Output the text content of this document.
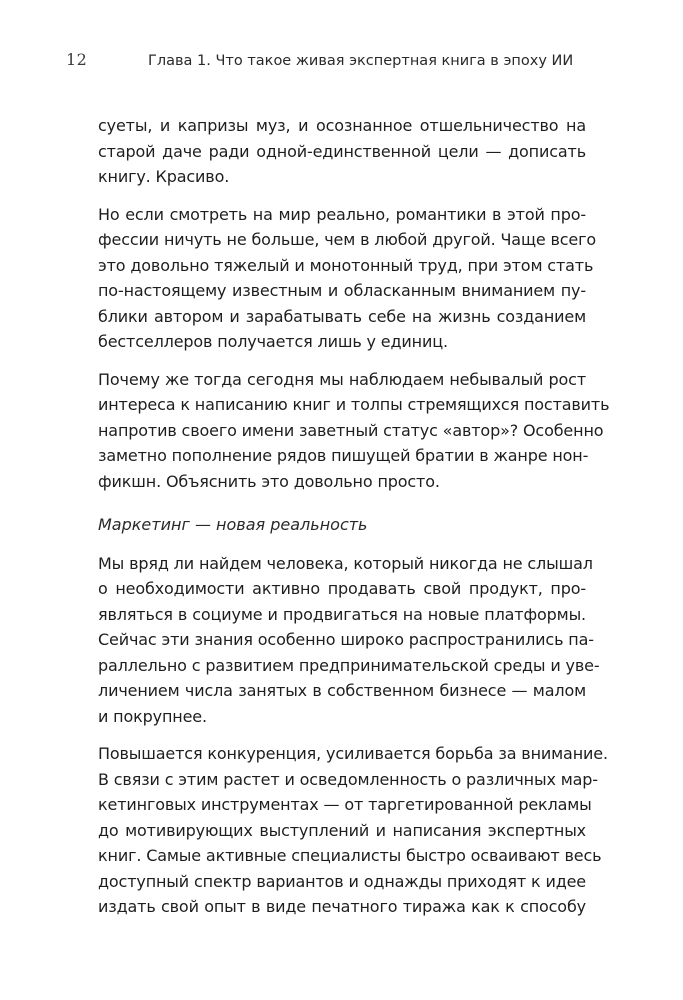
12	Глава 1. Что такое живая экспертная книга в эпоху ИИ
суеты, и капризы муз, и осознанное отшельничество на
старой даче ради одной-единственной цели — дописать
книгу. Красиво.
Но если смотреть на мир реально, романтики в этой про-
фессии ничуть не больше, чем в любой другой. Чаще всего
это довольно тяжелый и монотонный труд, при этом стать
по-настоящему известным и обласканным вниманием пу-
блики автором и зарабатывать себе на жизнь созданием
бестселлеров получается лишь у единиц.
Почему же тогда сегодня мы наблюдаем небывалый рост
интереса к написанию книг и толпы стремящихся поставить
напротив своего имени заветный статус «автор»? Особенно
заметно пополнение рядов пишущей братии в жанре нон-
фикшн. Объяснить это довольно просто.
Маркетинг — новая реальность
Мы вряд ли найдем человека, который никогда не слышал
о необходимости активно продавать свой продукт, про-
являться в социуме и продвигаться на новые платформы.
Сейчас эти знания особенно широко распространились па-
раллельно с развитием предпринимательской среды и уве-
личением числа занятых в собственном бизнесе — малом
и покрупнее.
Повышается конкуренция, усиливается борьба за внимание.
В связи с этим растет и осведомленность о различных мар-
кетинговых инструментах — от таргетированной рекламы
до мотивирующих выступлений и написания экспертных
книг. Самые активные специалисты быстро осваивают весь
доступный спектр вариантов и однажды приходят к идее
издать свой опыт в виде печатного тиража как к способу
